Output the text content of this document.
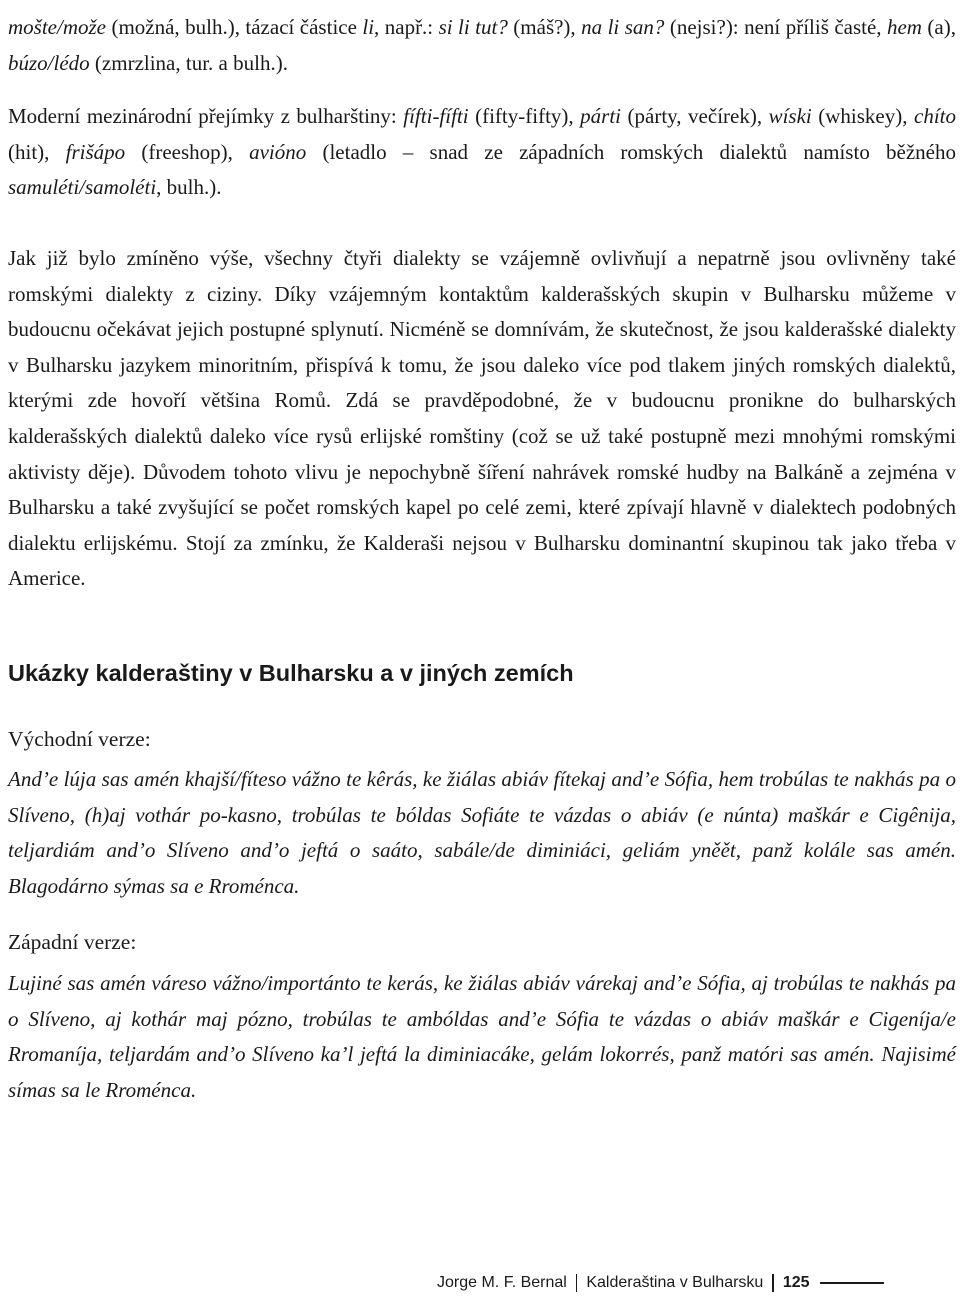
mošte/može (možná, bulh.), tázací částice li, např.: si li tut? (máš?), na li san? (nejsi?): není příliš časté, hem (a), búzo/lédo (zmrzlina, tur. a bulh.).

Moderní mezinárodní přejímky z bulharštiny: fífti-fífti (fifty-fifty), párti (párty, večírek), wíski (whiskey), chíto (hit), frišápo (freeshop), avióno (letadlo – snad ze západních romských dialektů namísto běžného samuléti/samoléti, bulh.).

Jak již bylo zmíněno výše, všechny čtyři dialekty se vzájemně ovlivňují a nepatrně jsou ovlivněny také romskými dialekty z ciziny. Díky vzájemným kontaktům kalderašských skupin v Bulharsku můžeme v budoucnu očekávat jejich postupné splynutí. Nicméně se domnívám, že skutečnost, že jsou kalderašské dialekty v Bulharsku jazykem minoritním, přispívá k tomu, že jsou daleko více pod tlakem jiných romských dialektů, kterými zde hovoří většina Romů. Zdá se pravděpodobné, že v budoucnu pronikne do bulharských kalderašských dialektů daleko více rysů erlijské romštiny (což se už také postupně mezi mnohými romskými aktivisty děje). Důvodem tohoto vlivu je nepochybně šíření nahrávek romské hudby na Balkáně a zejména v Bulharsku a také zvyšující se počet romských kapel po celé zemi, které zpívají hlavně v dialektech podobných dialektu erlijskému. Stojí za zmínku, že Kalderaši nejsou v Bulharsku dominantní skupinou tak jako třeba v Americe.

Ukázky kalderaštiny v Bulharsku a v jiných zemích

Východní verze:

And’e lúja sas amén khajší/fíteso vážno te kêrás, ke žiálas abiáv fítekaj and’e Sófia, hem trobúlas te nakhás pa o Slíveno, (h)aj vothár po-kasno, trobúlas te bóldas Sofiáte te vázdas o abiáv (e núnta) maškár e Cigênija, teljardiám and’o Slíveno and’o jeftá o saáto, sabále/de diminiáci, geliám yněět, panž kolále sas amén. Blagodárno sýmas sa e Rroménca.

Západní verze:

Lujiné sas amén váreso vážno/importánto te kerás, ke žiálas abiáv várekaj and’e Sófia, aj trobúlas te nakhás pa o Slíveno, aj kothár maj pózno, trobúlas te ambóldas and’e Sófia te vázdas o abiáv maškár e Cigeníja/e Rromaníja, teljardám and’o Slíveno ka’l jeftá la diminiacáke, gelám lokorrés, panž matóri sas amén. Najisimé símas sa le Rroménca.

Jorge M. F. Bernal Kalderaština v Bulharsku 125
